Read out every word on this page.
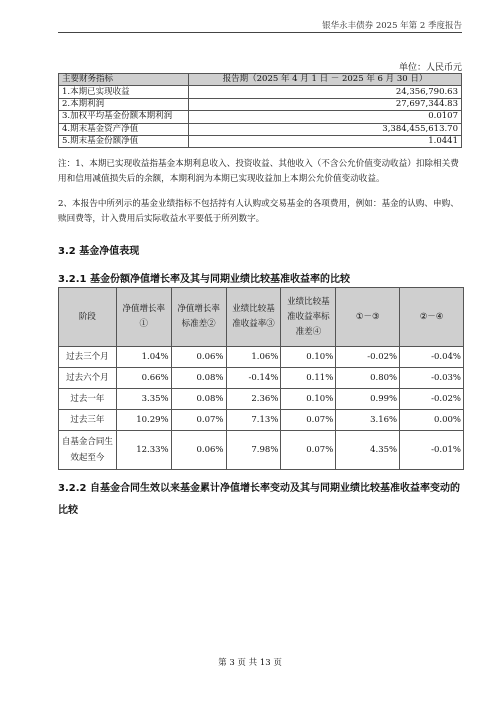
银华永丰债券 2025 年第 2 季度报告
单位：人民币元
主要财务指标	报告期（2025 年 4 月 1 日 － 2025 年 6 月 30 日）
1.本期已实现收益	24,356,790.63
2.本期利润	27,697,344.83
3.加权平均基金份额本期利润	0.0107
4.期末基金资产净值	3,384,455,613.70
5.期末基金份额净值	1.0441
注：1、本期已实现收益指基金本期利息收入、投资收益、其他收入（不含公允价值变动收益）扣除相关费用和信用减值损失后的余额，本期利润为本期已实现收益加上本期公允价值变动收益。
2、本报告中所列示的基金业绩指标不包括持有人认购或交易基金的各项费用，例如：基金的认购、申购、赎回费等，计入费用后实际收益水平要低于所列数字。
3.2 基金净值表现
3.2.1 基金份额净值增长率及其与同期业绩比较基准收益率的比较
阶段	净值增长率①	净值增长率标准差②	业绩比较基准收益率③	业绩比较基准收益率标准差④	①－③	②－④
过去三个月	1.04%	0.06%	1.06%	0.10%	-0.02%	-0.04%
过去六个月	0.66%	0.08%	-0.14%	0.11%	0.80%	-0.03%
过去一年	3.35%	0.08%	2.36%	0.10%	0.99%	-0.02%
过去三年	10.29%	0.07%	7.13%	0.07%	3.16%	0.00%
自基金合同生效起至今	12.33%	0.06%	7.98%	0.07%	4.35%	-0.01%
3.2.2 自基金合同生效以来基金累计净值增长率变动及其与同期业绩比较基准收益率变动的比较
第 3 页 共 13 页
